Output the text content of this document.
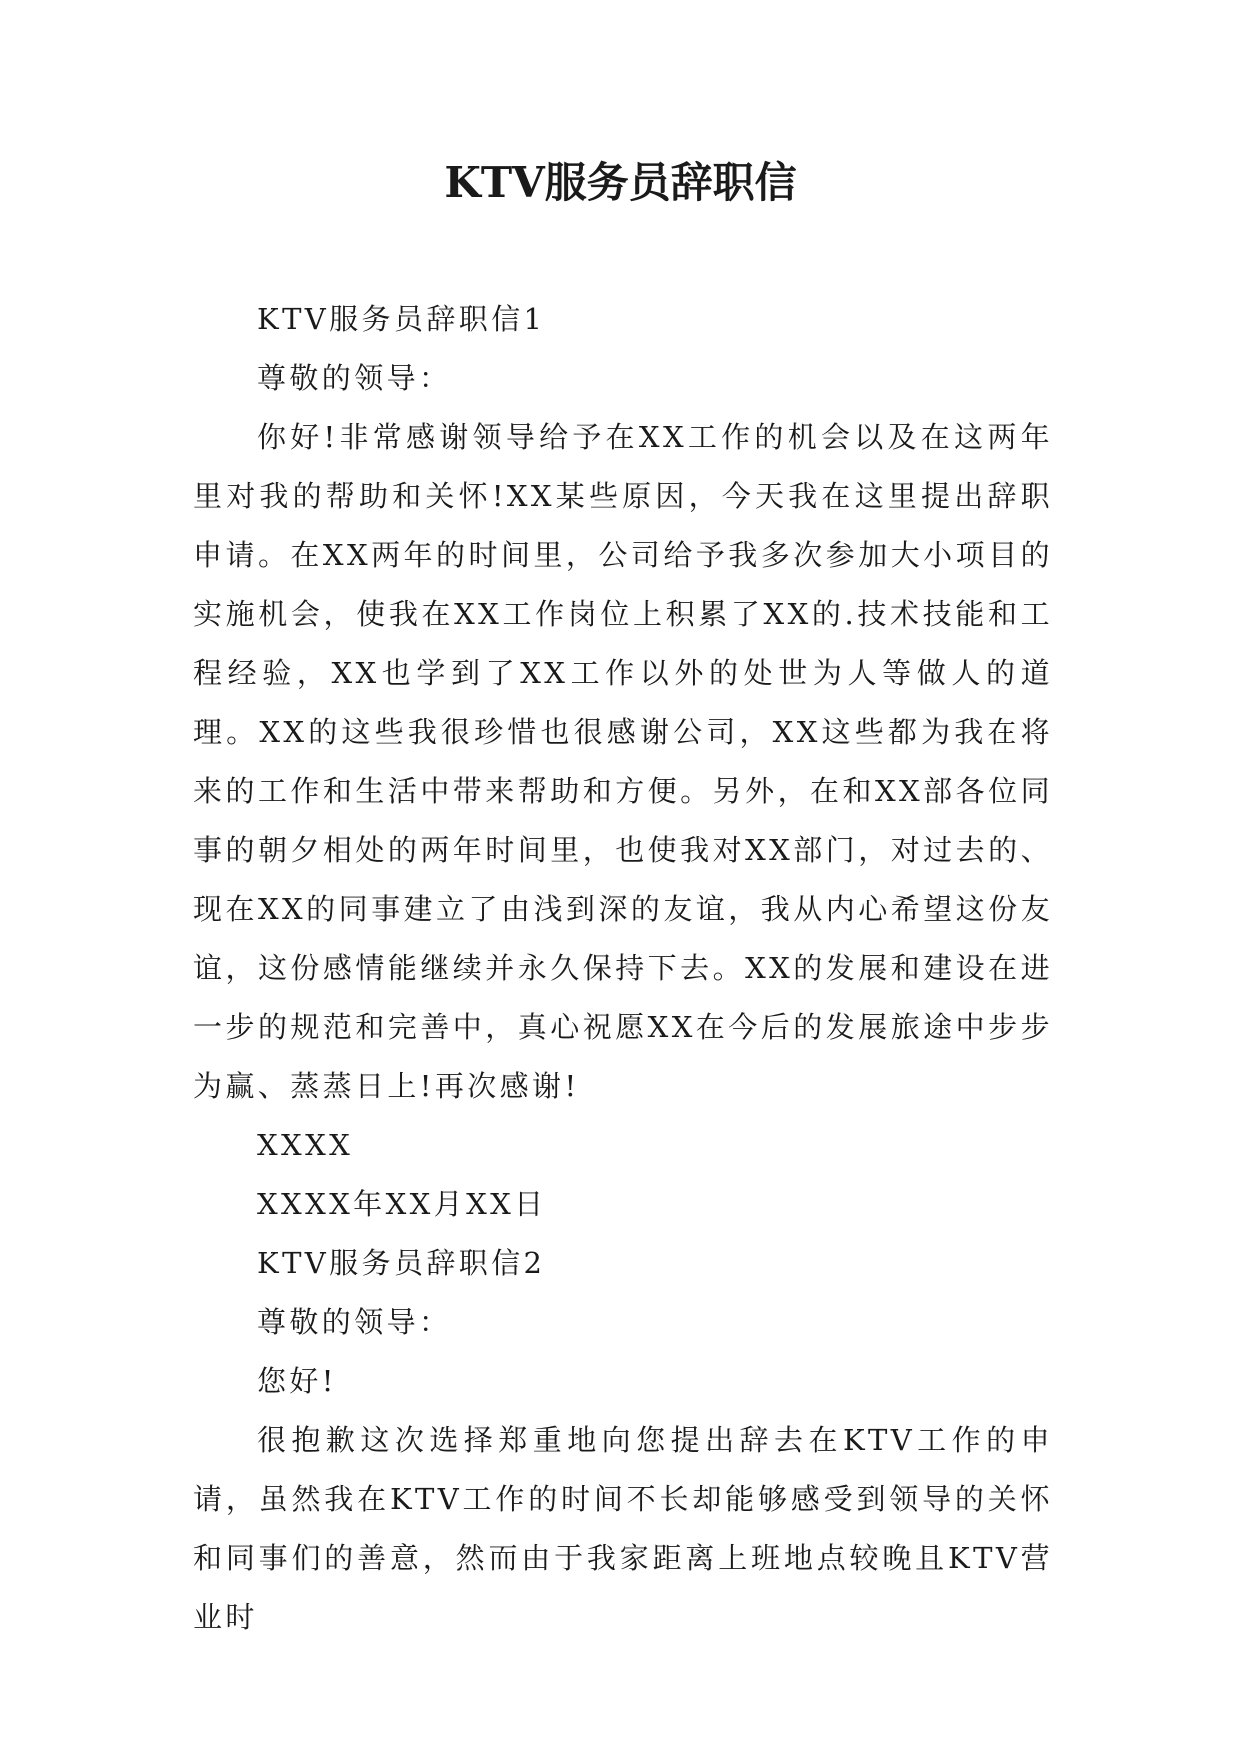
KTV服务员辞职信

KTV服务员辞职信1

尊敬的领导：

你好!非常感谢领导给予在XX工作的机会以及在这两年里对我的帮助和关怀!XX某些原因，今天我在这里提出辞职申请。在XX两年的时间里，公司给予我多次参加大小项目的实施机会，使我在XX工作岗位上积累了XX的.技术技能和工程经验，XX也学到了XX工作以外的处世为人等做人的道理。XX的这些我很珍惜也很感谢公司，XX这些都为我在将来的工作和生活中带来帮助和方便。另外，在和XX部各位同事的朝夕相处的两年时间里，也使我对XX部门，对过去的、现在XX的同事建立了由浅到深的友谊，我从内心希望这份友谊，这份感情能继续并永久保持下去。XX的发展和建设在进一步的规范和完善中，真心祝愿XX在今后的发展旅途中步步为赢、蒸蒸日上!再次感谢!

XXXX

XXXX年XX月XX日

KTV服务员辞职信2

尊敬的领导：

您好!

很抱歉这次选择郑重地向您提出辞去在KTV工作的申请，虽然我在KTV工作的时间不长却能够感受到领导的关怀和同事们的善意，然而由于我家距离上班地点较晚且KTV营业时
